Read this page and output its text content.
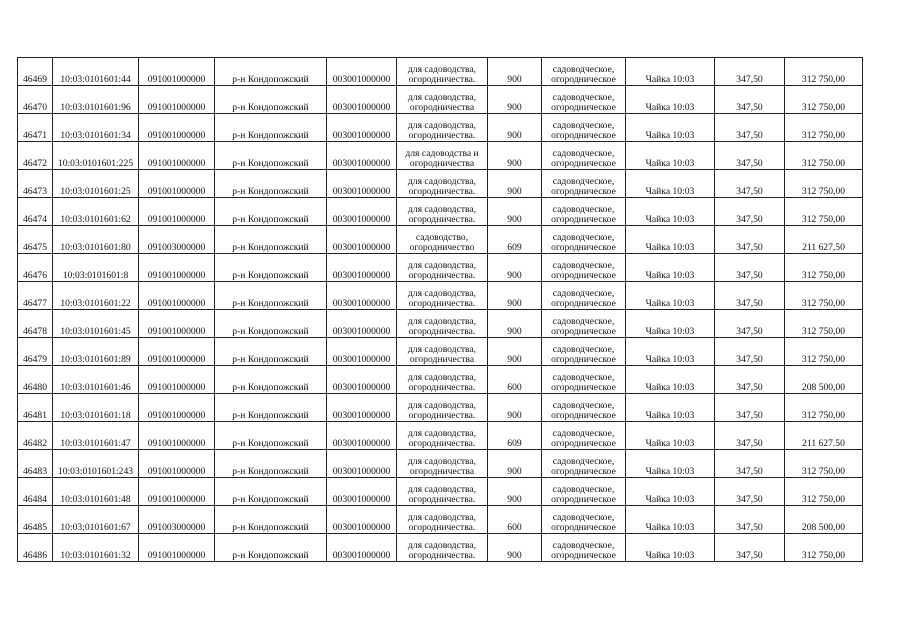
46469	10:03:0101601:44	091001000000	р-н Кондопожский	003001000000	для садоводства,
огородничества.	900	садоводческое,
огородническое	Чайка 10:03	347,50	312 750,00
46470	10:03:0101601:96	091001000000	р-н Кондопожский	003001000000	для садоводства,
огородничества	900	садоводческое,
огородническое	Чайка 10:03	347,50	312 750,00
46471	10:03:0101601:34	091001000000	р-н Кондопожский	003001000000	для садоводства,
огородничества.	900	садоводческое,
огородническое	Чайка 10:03	347,50	312 750,00
46472	10:03:0101601:225	091001000000	р-н Кондопожский	003001000000	для садоводства и
огородничества	900	садоводческое,
огородническое	Чайка 10:03	347,50	312 750.00
46473	10:03:0101601:25	091001000000	р-н Кондопожский	003001000000	для садоводства,
огородничества.	900	садоводческое,
огородническое	Чайка 10:03	347,50	312 750,00
46474	10:03:0101601:62	091001000000	р-н Кондопожский	003001000000	для садоводства,
огородничества.	900	садоводческое,
огородническое	Чайка 10:03	347,50	312 750,00
46475	10:03:0101601:80	091003000000	р-н Кондопожский	003001000000	садоводство,
огородничество	609	садоводческое,
огородническое	Чайка 10:03	347,50	211 627,50
46476	10:03:0101601:8	091001000000	р-н Кондопожский	003001000000	для садоводства,
огородничества.	900	садоводческое,
огородническое	Чайка 10:03	347,50	312 750,00
46477	10:03:0101601:22	091001000000	р-н Кондопожский	003001000000	для садоводства,
огородничества.	900	садоводческое,
огородническое	Чайка 10:03	347,50	312 750,00
46478	10:03:0101601:45	091001000000	р-н Кондопожский	003001000000	для садоводства,
огородничества.	900	садоводческое,
огородническое	Чайка 10:03	347,50	312 750,00
46479	10:03:0101601:89	091001000000	р-н Кондопожский	003001000000	для садоводства,
огородничества	900	садоводческое,
огородническое	Чайка 10:03	347,50	312 750,00
46480	10:03:0101601:46	091001000000	р-н Кондопожский	003001000000	для садоводства,
огородничества.	600	садоводческое,
огородническое	Чайка 10:03	347,50	208 500,00
46481	10:03:0101601:18	091001000000	р-н Кондопожский	003001000000	для садоводства,
огородничества.	900	садоводческое,
огородническое	Чайка 10:03	347,50	312 750,00
46482	10:03:0101601:47	091001000000	р-н Кондопожский	003001000000	для садоводства,
огородничества.	609	садоводческое,
огородническое	Чайка 10:03	347,50	211 627.50
46483	10:03:0101601:243	091001000000	р-н Кондопожский	003001000000	для садоводства,
огородничества	900	садоводческое,
огородническое	Чайка 10:03	347,50	312 750,00
46484	10:03:0101601:48	091001000000	р-н Кондопожский	003001000000	для садоводства,
огородничества.	900	садоводческое,
огородническое	Чайка 10:03	347,50	312 750,00
46485	10:03;0101601:67	091003000000	р-н Кондопожский	003001000000	для садоводства,
огородничества.	600	садоводческое,
огородническое	Чайка 10:03	347,50	208 500,00
46486	10:03:0101601:32	091001000000	р-н Кондопожский	003001000000	для садоводства,
огородничества.	900	садоводческое,
огородническое	Чайка 10:03	347,50	312 750,00
